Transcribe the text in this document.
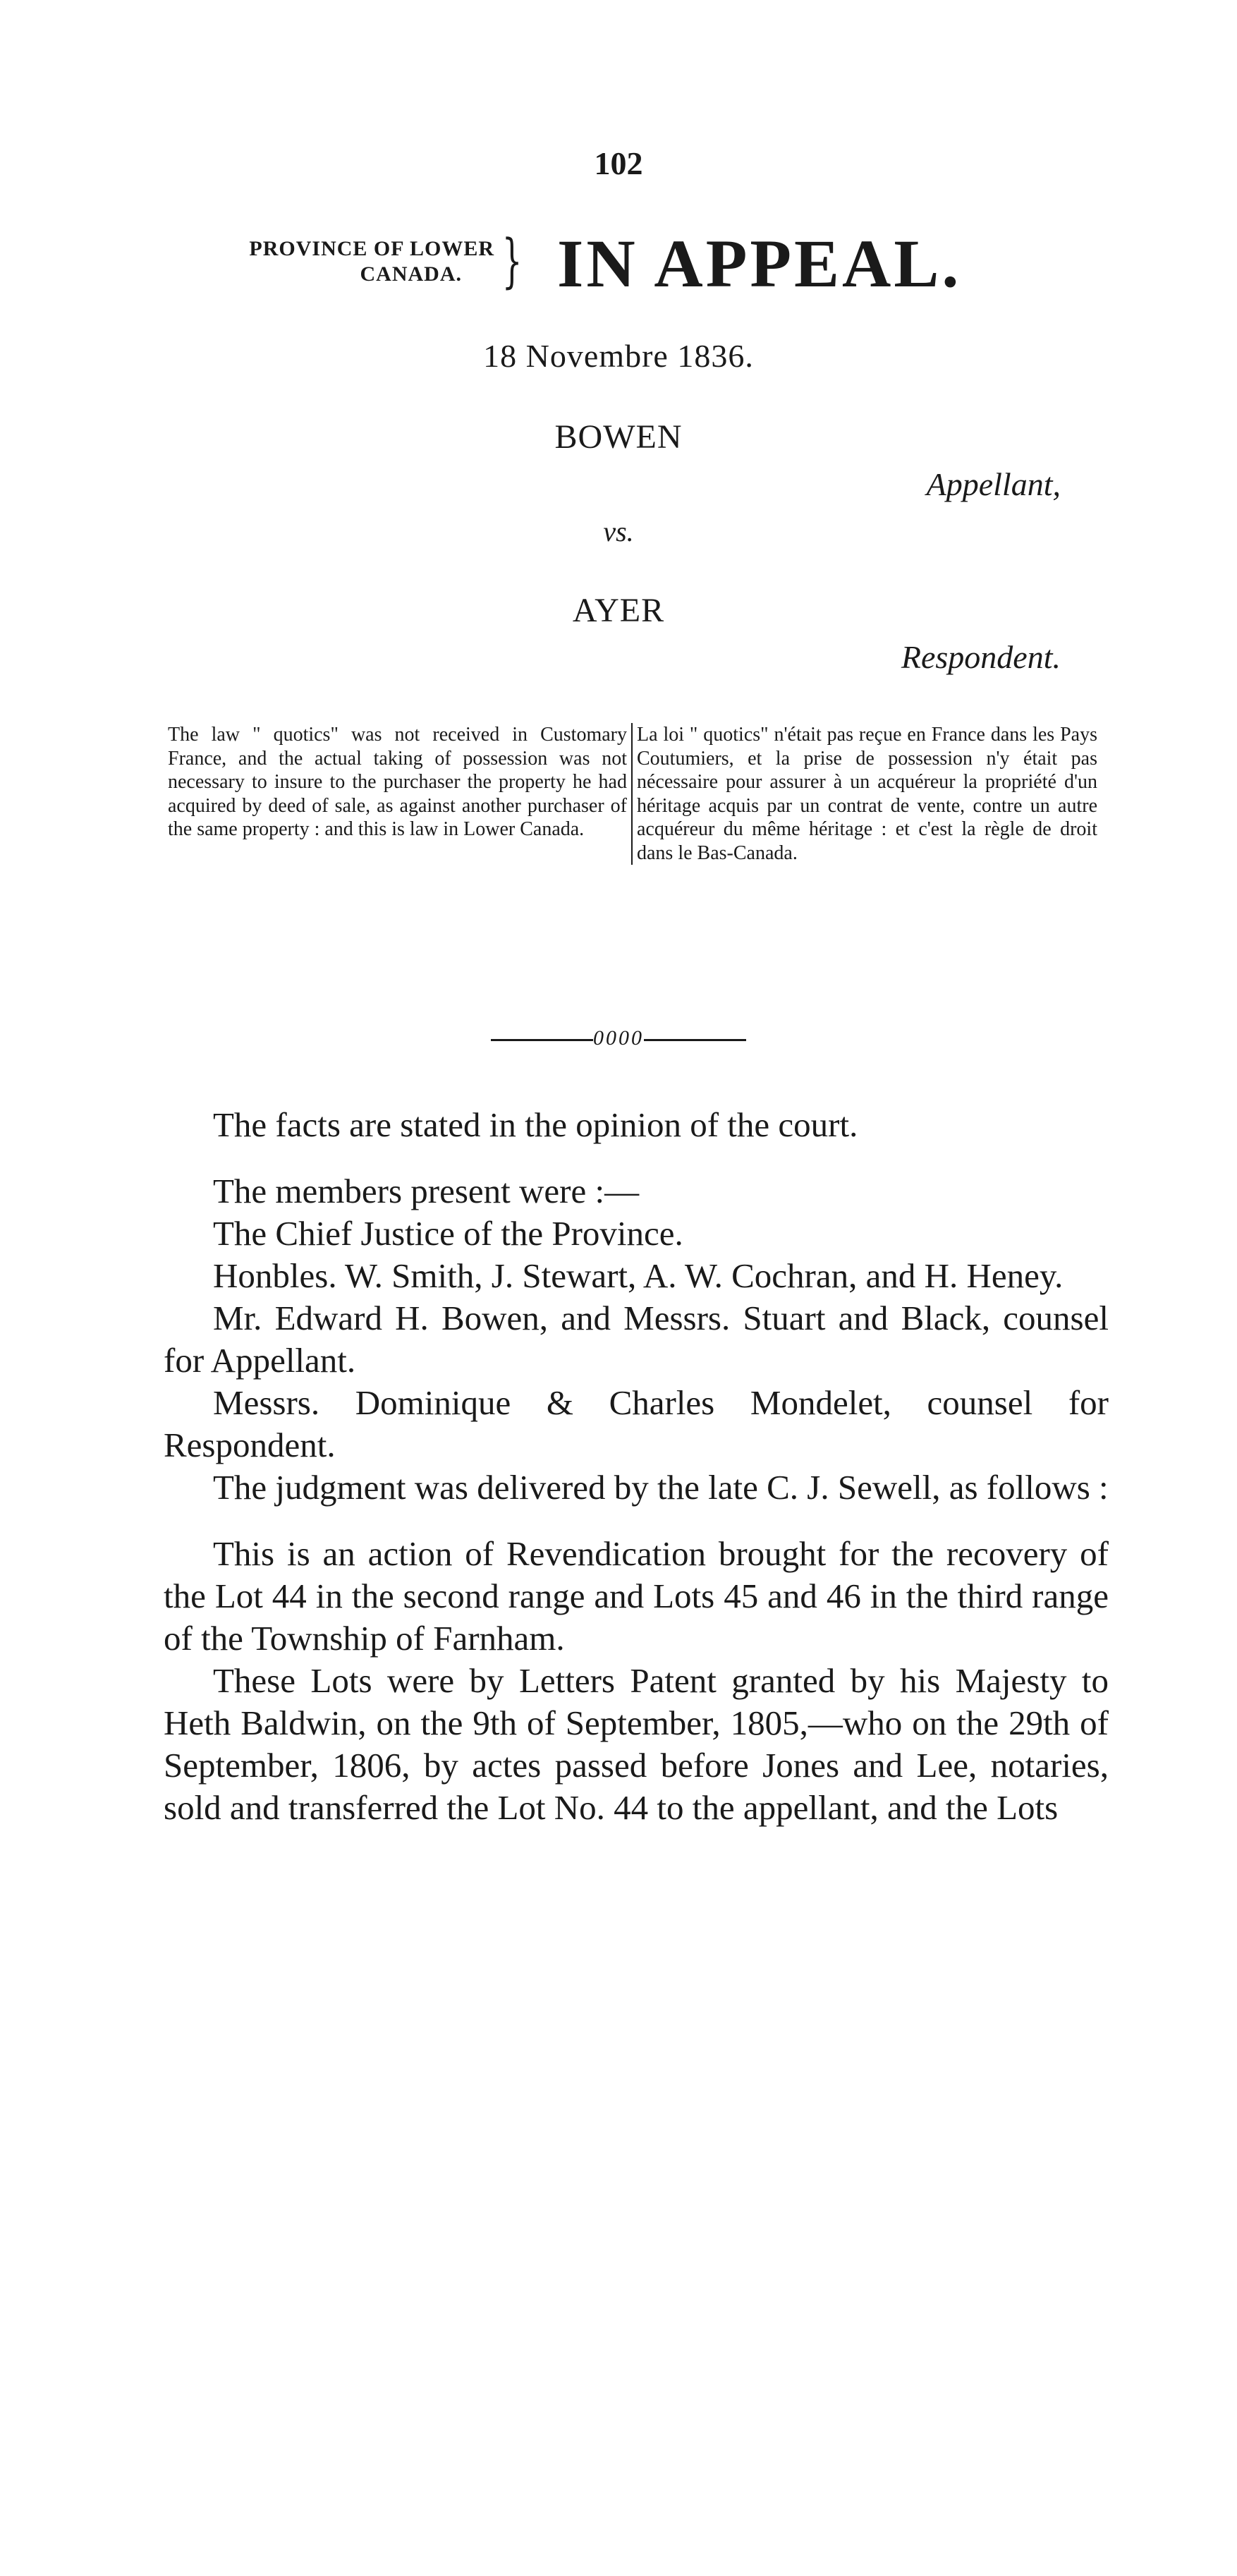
102
PROVINCE OF LOWER
CANADA. } IN APPEAL.
18 Novembre 1836.
BOWEN
Appellant,
vs.
AYER
Respondent.
The law " quotics" was not received in Customary France, and the actual taking of possession was not necessary to insure to the purchaser the property he had acquired by deed of sale, as against another purchaser of the same property : and this is law in Lower Canada.
La loi " quotics" n'était pas reçue en France dans les Pays Coutumiers, et la prise de possession n'y était pas nécessaire pour assurer à un acquéreur la propriété d'un héritage acquis par un contrat de vente, contre un autre acquéreur du même héritage : et c'est la règle de droit dans le Bas-Canada.
0000

The facts are stated in the opinion of the court.

The members present were :—

The Chief Justice of the Province.

Honbles. W. Smith, J. Stewart, A. W. Cochran, and H. Heney.

Mr. Edward H. Bowen, and Messrs. Stuart and Black, counsel for Appellant.

Messrs. Dominique & Charles Mondelet, counsel for Respondent.

The judgment was delivered by the late C. J. Sewell, as follows :

This is an action of Revendication brought for the recovery of the Lot 44 in the second range and Lots 45 and 46 in the third range of the Township of Farnham.

These Lots were by Letters Patent granted by his Majesty to Heth Baldwin, on the 9th of September, 1805,—who on the 29th of September, 1806, by actes passed before Jones and Lee, notaries, sold and transferred the Lot No. 44 to the appellant, and the Lots
